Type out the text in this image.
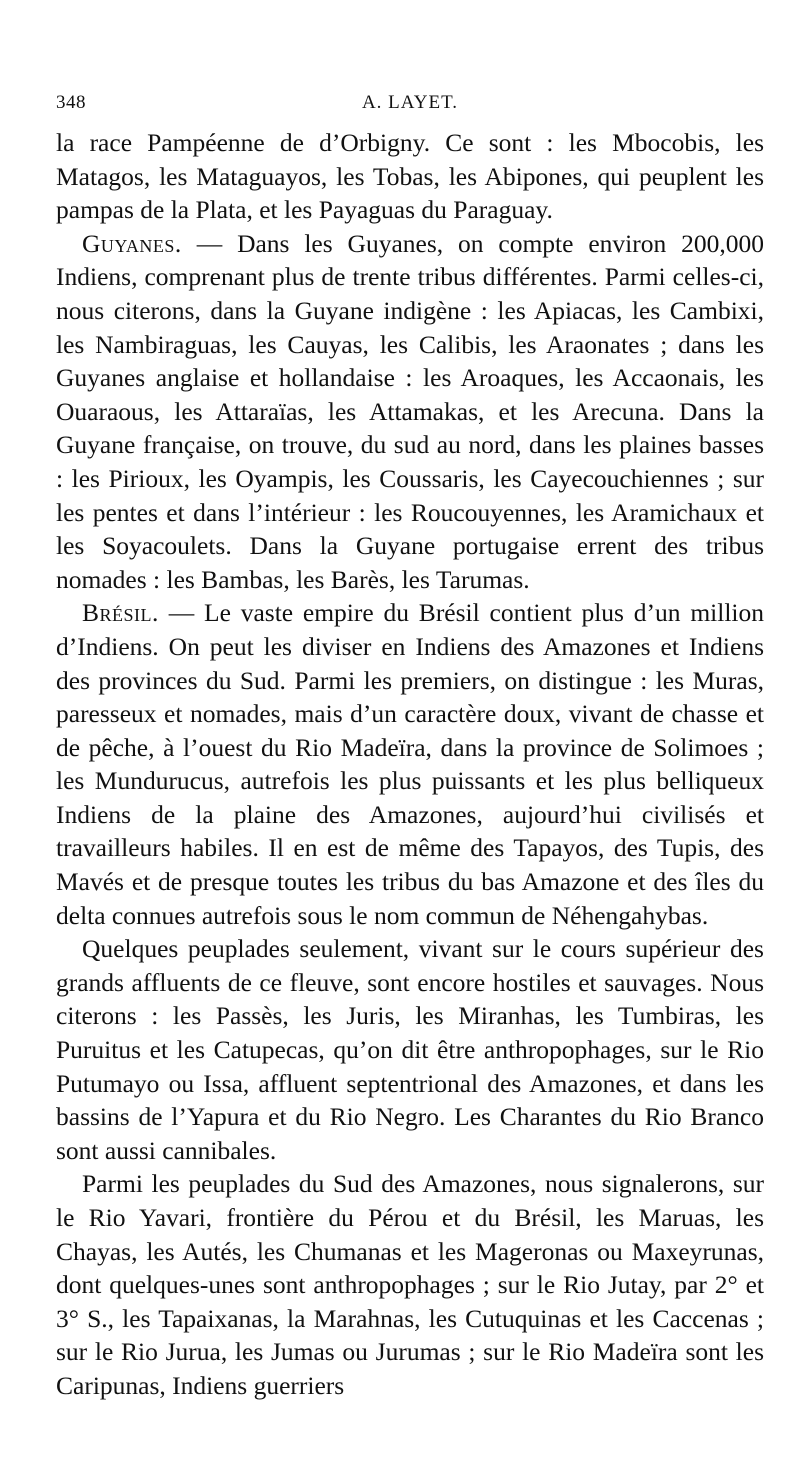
348	A. LAYET.

la race Pampéenne de d’Orbigny. Ce sont : les Mbocobis, les Matagos, les Mataguayos, les Tobas, les Abipones, qui peuplent les pampas de la Plata, et les Payaguas du Paraguay.

Guyanes. — Dans les Guyanes, on compte environ 200,000 Indiens, comprenant plus de trente tribus différentes. Parmi celles-ci, nous citerons, dans la Guyane indigène : les Apiacas, les Cambixi, les Nambiraguas, les Cauyas, les Calibis, les Araonates ; dans les Guyanes anglaise et hollandaise : les Aroaques, les Accaonais, les Ouaraous, les Attaraïas, les Attamakas, et les Arecuna. Dans la Guyane française, on trouve, du sud au nord, dans les plaines basses : les Pirioux, les Oyampis, les Coussaris, les Cayecouchiennes ; sur les pentes et dans l’intérieur : les Roucouyennes, les Aramichaux et les Soyacoulets. Dans la Guyane portugaise errent des tribus nomades : les Bambas, les Barès, les Tarumas.

Brésil. — Le vaste empire du Brésil contient plus d’un million d’Indiens. On peut les diviser en Indiens des Amazones et Indiens des provinces du Sud. Parmi les premiers, on distingue : les Muras, paresseux et nomades, mais d’un caractère doux, vivant de chasse et de pêche, à l’ouest du Rio Madeïra, dans la province de Solimoes ; les Mundurucus, autrefois les plus puissants et les plus belliqueux Indiens de la plaine des Amazones, aujourd’hui civilisés et travailleurs habiles. Il en est de même des Tapayos, des Tupis, des Mavés et de presque toutes les tribus du bas Amazone et des îles du delta connues autrefois sous le nom commun de Néhengahybas.

Quelques peuplades seulement, vivant sur le cours supérieur des grands affluents de ce fleuve, sont encore hostiles et sauvages. Nous citerons : les Passès, les Juris, les Miranhas, les Tumbiras, les Puruitus et les Catupecas, qu’on dit être anthropophages, sur le Rio Putumayo ou Issa, affluent septentrional des Amazones, et dans les bassins de l’Yapura et du Rio Negro. Les Charantes du Rio Branco sont aussi cannibales.

Parmi les peuplades du Sud des Amazones, nous signalerons, sur le Rio Yavari, frontière du Pérou et du Brésil, les Maruas, les Chayas, les Autés, les Chumanas et les Mageronas ou Maxeyrunas, dont quelques-unes sont anthropophages ; sur le Rio Jutay, par 2° et 3° S., les Tapaixanas, la Marahnas, les Cutuquinas et les Caccenas ; sur le Rio Jurua, les Jumas ou Jurumas ; sur le Rio Madeïra sont les Caripunas, Indiens guerriers
